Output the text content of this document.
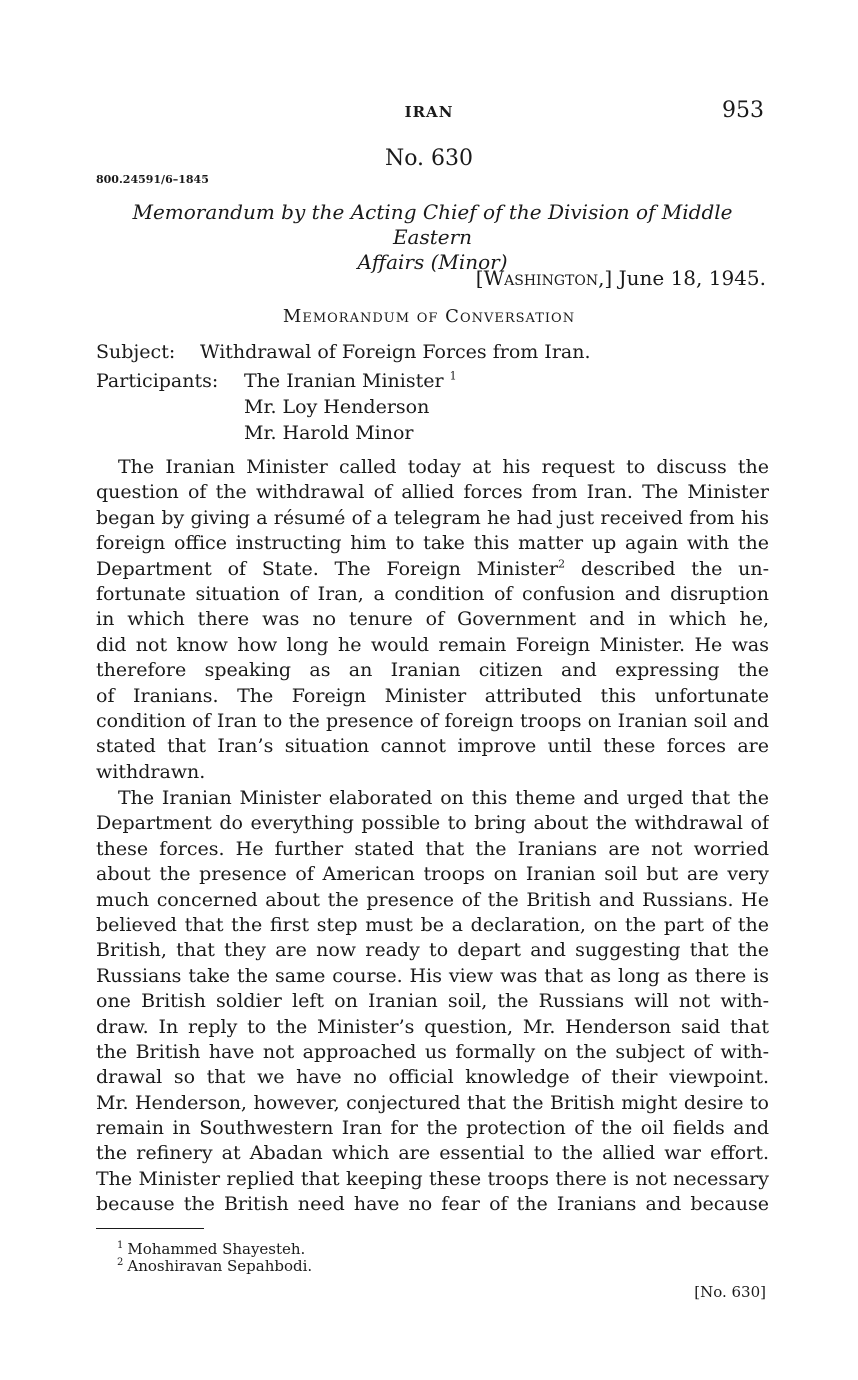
IRAN	953
No. 630
800.24591/6–1845
Memorandum by the Acting Chief of the Division of Middle Eastern
Affairs (Minor)
[Washington,] June 18, 1945.
Memorandum of Conversation
Subject: Withdrawal of Foreign Forces from Iran.
Participants: The Iranian Minister $^1$
Mr. Loy Henderson
Mr. Harold Minor
The Iranian Minister called today at his request to discuss the
question of the withdrawal of allied forces from Iran. The Minister
began by giving a résumé of a telegram he had just received from his
foreign office instructing him to take this matter up again with the
Department of State. The Foreign Minister$^2$ described the un-
fortunate situation of Iran, a condition of confusion and disruption
in which there was no tenure of Government and in which he,
did not know how long he would remain Foreign Minister. He was
therefore speaking as an Iranian citizen and expressing the
of Iranians. The Foreign Minister attributed this unfortunate
condition of Iran to the presence of foreign troops on Iranian soil and
stated that Iran’s situation cannot improve until these forces are
withdrawn.
The Iranian Minister elaborated on this theme and urged that the
Department do everything possible to bring about the withdrawal of
these forces. He further stated that the Iranians are not worried
about the presence of American troops on Iranian soil but are very
much concerned about the presence of the British and Russians. He
believed that the first step must be a declaration, on the part of the
British, that they are now ready to depart and suggesting that the
Russians take the same course. His view was that as long as there is
one British soldier left on Iranian soil, the Russians will not with-
draw. In reply to the Minister’s question, Mr. Henderson said that
the British have not approached us formally on the subject of with-
drawal so that we have no official knowledge of their viewpoint.
Mr. Henderson, however, conjectured that the British might desire to
remain in Southwestern Iran for the protection of the oil fields and
the refinery at Abadan which are essential to the allied war effort.
The Minister replied that keeping these troops there is not necessary
because the British need have no fear of the Iranians and because
$^1$ Mohammed Shayesteh.
$^2$ Anoshiravan Sepahbodi.
[No. 630]
